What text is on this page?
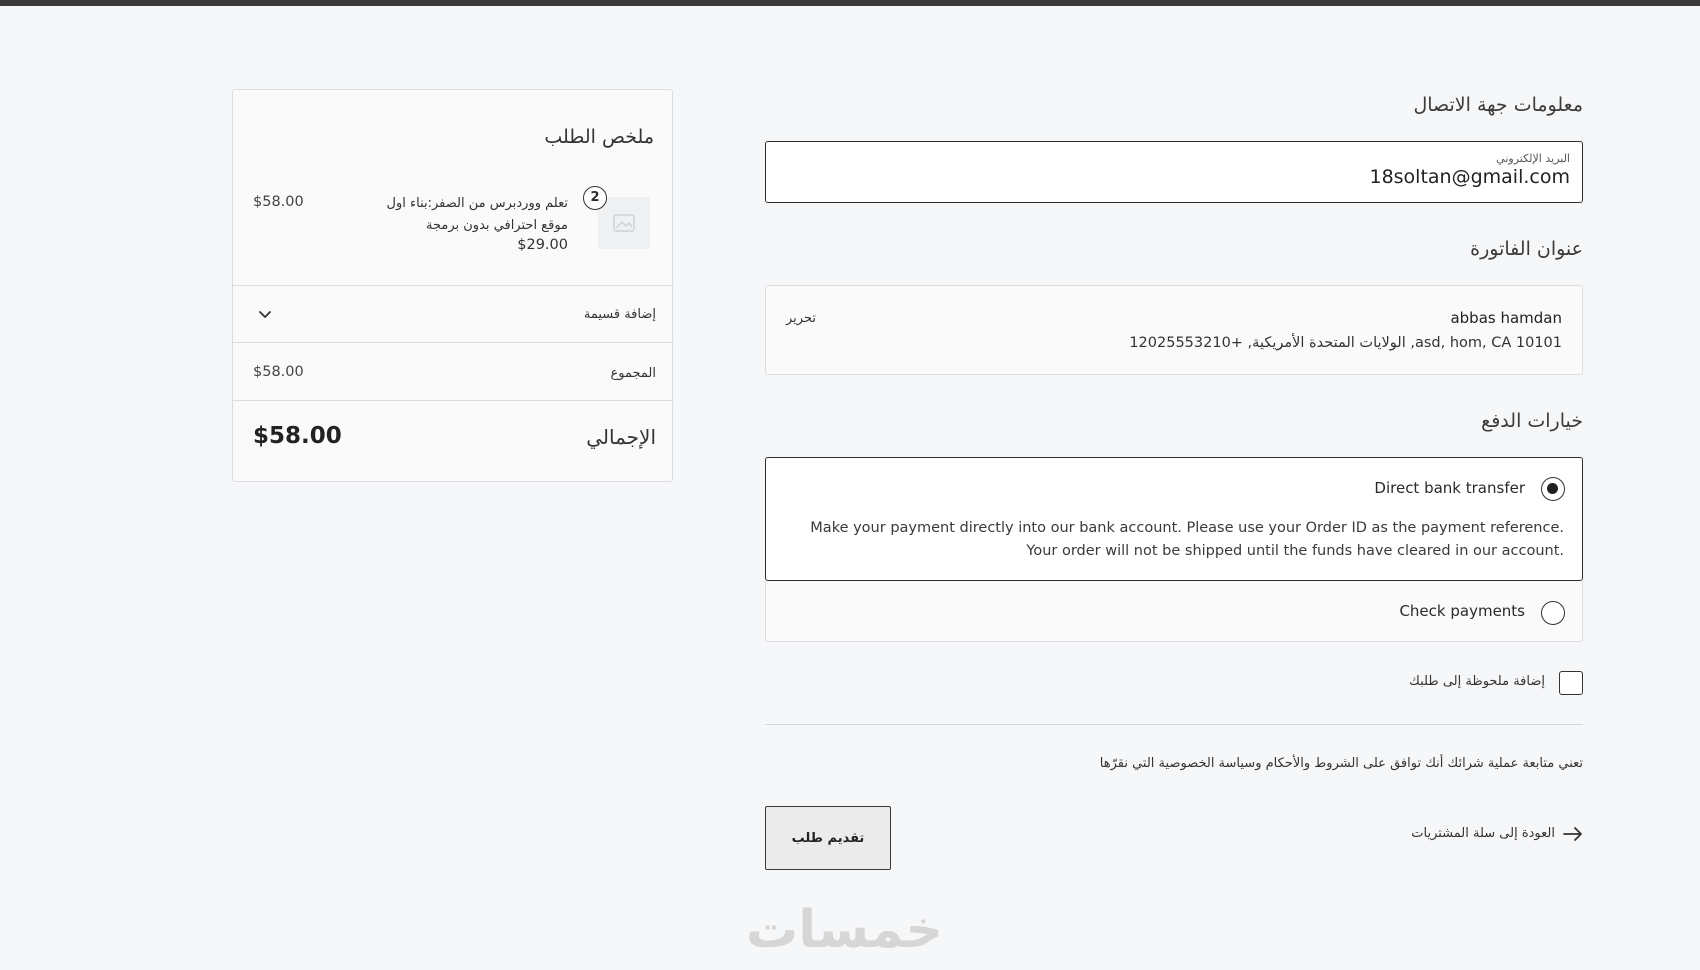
معلومات جهة الاتصال
البريد الإلكتروني
18soltan@gmail.com
عنوان الفاتورة
abbas hamdan
asd, hom, CA 10101, الولايات المتحدة الأمريكية, +12025553210
تحرير
خيارات الدفع
Direct bank transfer

Make your payment directly into our bank account. Please use your Order ID as the payment reference. Your order will not be shipped until the funds have cleared in our account.

Check payments
إضافة ملحوظة إلى طلبك

تعني متابعة عملية شرائك أنك توافق على الشروط والأحكام وسياسة الخصوصية التي نقرّها

العودة إلى سلة المشتريات
تقديم طلب
ملخص الطلب
2
تعلم ووردبرس من الصفر:بناء اول موقع احترافي بدون برمجة
$29.00
$58.00
إضافة قسيمة
المجموع
$58.00
الإجمالي
$58.00
خمسات
